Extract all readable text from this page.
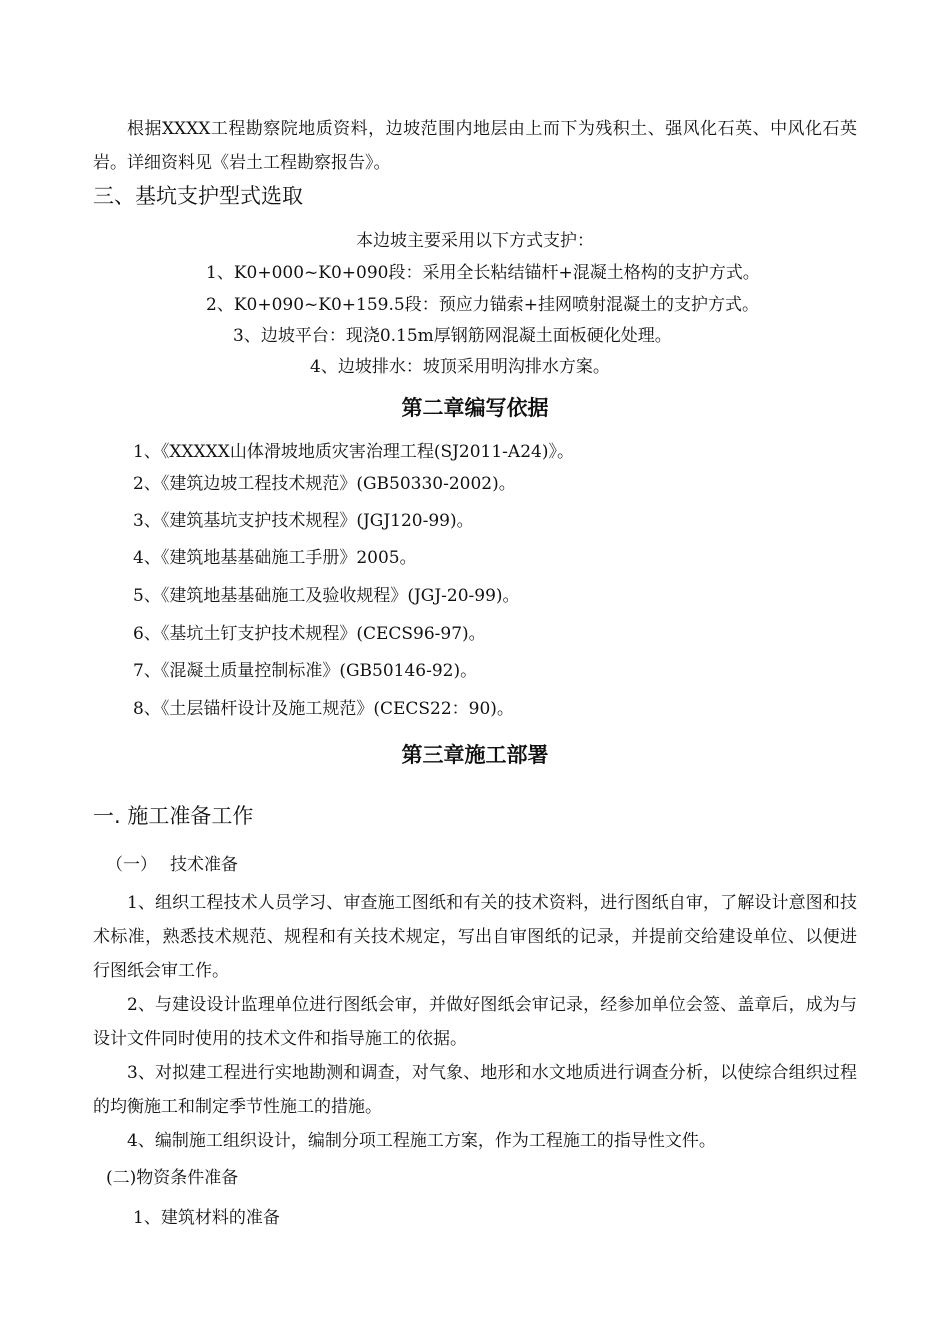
根据XXXX工程勘察院地质资料，边坡范围内地层由上而下为残积土、强风化石英、中风化石英岩。详细资料见《岩土工程勘察报告》。

三、基坑支护型式选取

本边坡主要采用以下方式支护：

1、K0+000~K0+090段：采用全长粘结锚杆+混凝土格构的支护方式。

2、K0+090~K0+159.5段：预应力锚索+挂网喷射混凝土的支护方式。

3、边坡平台：现浇0.15m厚钢筋网混凝土面板硬化处理。

4、边坡排水：坡顶采用明沟排水方案。

第二章编写依据

1、《XXXXX山体滑坡地质灾害治理工程(SJ2011-A24)》。

2、《建筑边坡工程技术规范》(GB50330-2002)。

3、《建筑基坑支护技术规程》(JGJ120-99)。

4、《建筑地基基础施工手册》2005。

5、《建筑地基基础施工及验收规程》(JGJ-20-99)。

6、《基坑土钉支护技术规程》(CECS96-97)。

7、《混凝土质量控制标准》(GB50146-92)。

8、《土层锚杆设计及施工规范》(CECS22：90)。

第三章施工部署

一. 施工准备工作

（一） 技术准备

1、组织工程技术人员学习、审查施工图纸和有关的技术资料，进行图纸自审，了解设计意图和技术标准，熟悉技术规范、规程和有关技术规定，写出自审图纸的记录，并提前交给建设单位、以便进行图纸会审工作。

2、与建设设计监理单位进行图纸会审，并做好图纸会审记录，经参加单位会签、盖章后，成为与设计文件同时使用的技术文件和指导施工的依据。

3、对拟建工程进行实地勘测和调查，对气象、地形和水文地质进行调查分析，以使综合组织过程的均衡施工和制定季节性施工的措施。

4、编制施工组织设计，编制分项工程施工方案，作为工程施工的指导性文件。

(二)物资条件准备

1、建筑材料的准备
